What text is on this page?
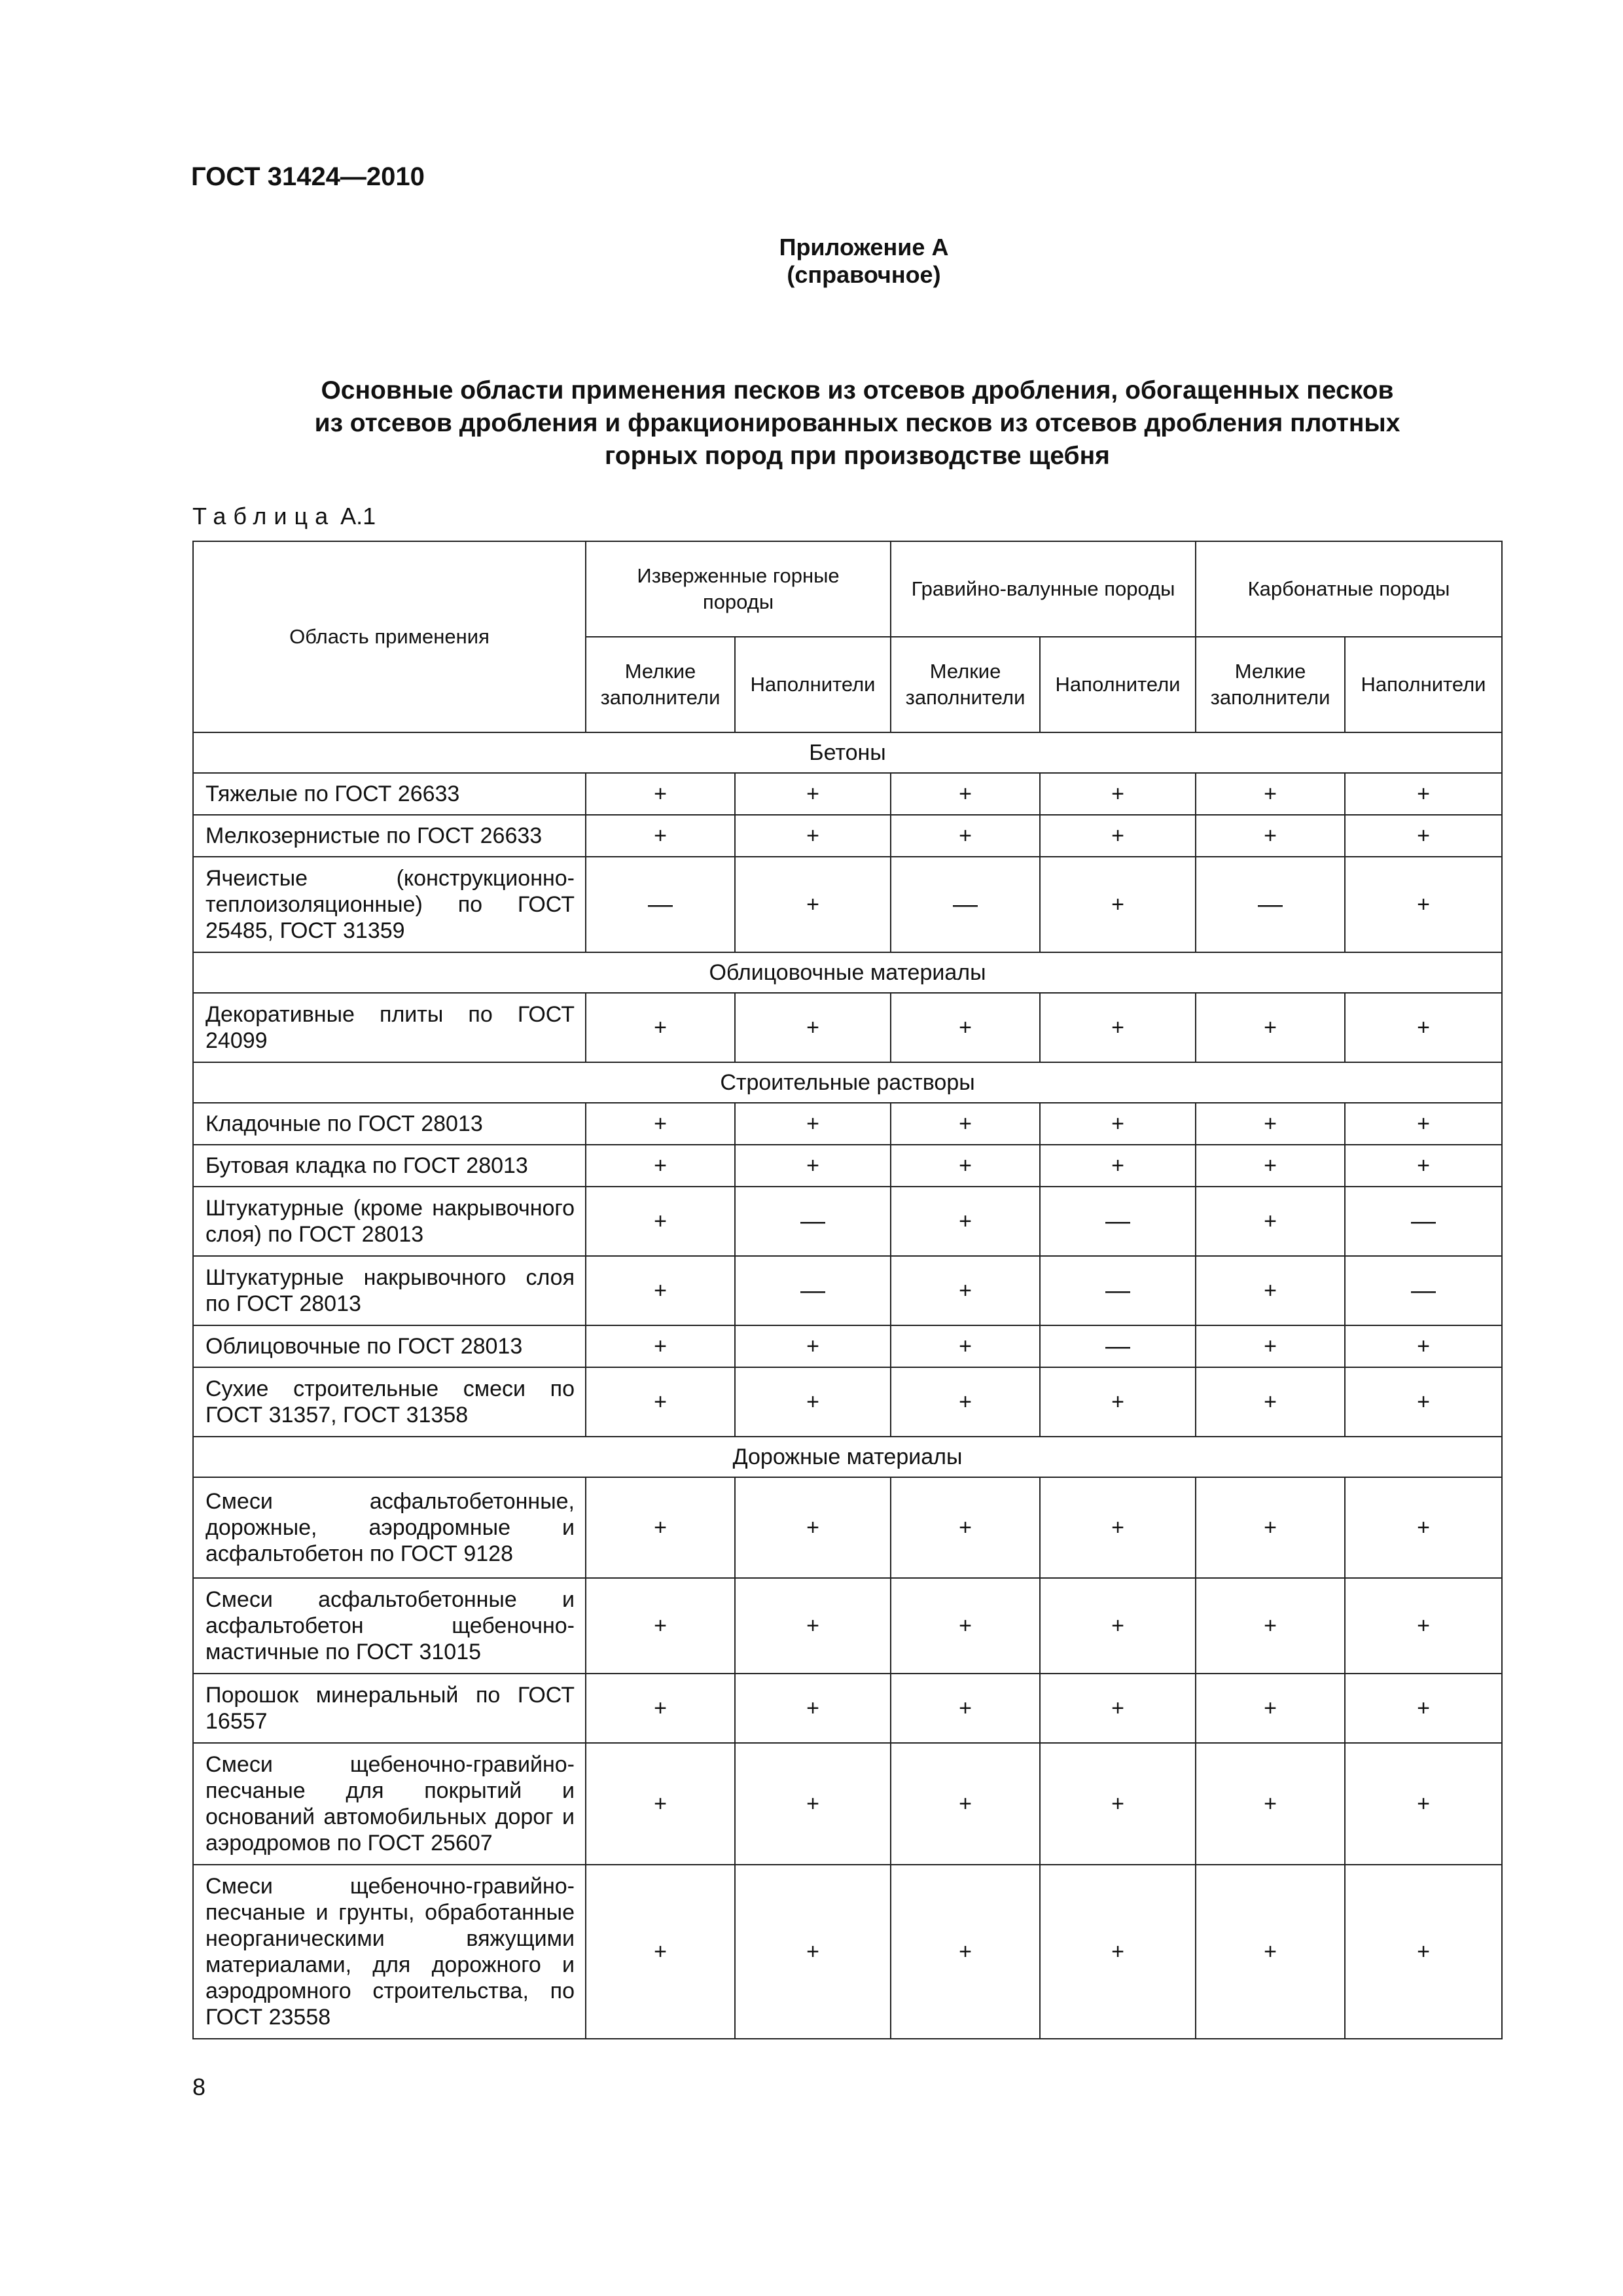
ГОСТ 31424—2010
Приложение А
(справочное)
Основные области применения песков из отсевов дробления, обогащенных песков
из отсевов дробления и фракционированных песков из отсевов дробления плотных
горных пород при производстве щебня
Таблица А.1
Область применения	Изверженные горные породы		Гравийно-валунные породы		Карбонатные породы	
	Мелкие заполнители	Наполнители	Мелкие заполнители	Наполнители	Мелкие заполнители	Наполнители
Бетоны						
Тяжелые по ГОСТ 26633	+	+	+	+	+	+
Мелкозернистые по ГОСТ 26633	+	+	+	+	+	+
Ячеистые (конструкционно- теплоизоляционные) по ГОСТ 25485, ГОСТ 31359	—	+	—	+	—	+
Облицовочные материалы						
Декоративные плиты по ГОСТ 24099	+	+	+	+	+	+
Строительные растворы						
Кладочные по ГОСТ 28013	+	+	+	+	+	+
Бутовая кладка по ГОСТ 28013	+	+	+	+	+	+
Штукатурные (кроме накрывочного слоя) по ГОСТ 28013	+	—	+	—	+	—
Штукатурные накрывочного слоя по ГОСТ 28013	+	—	+	—	+	—
Облицовочные по ГОСТ 28013	+	+	+	—	+	+
Сухие строительные смеси по ГОСТ 31357, ГОСТ 31358	+	+	+	+	+	+
Дорожные материалы						
Смеси асфальтобетонные, дорожные, аэродромные и асфальтобетон по ГОСТ 9128	+	+	+	+	+	+
Смеси асфальтобетонные и асфальтобетон щебеночно-мастичные по ГОСТ 31015	+	+	+	+	+	+
Порошок минеральный по ГОСТ 16557	+	+	+	+	+	+
Смеси щебеночно-гравийно-песчаные для покрытий и оснований автомобильных дорог и аэродромов по ГОСТ 25607	+	+	+	+	+	+
Смеси щебеночно-гравийно-песчаные и грунты, обработанные неорганическими вяжущими материалами, для дорожного и аэродромного строительства, по ГОСТ 23558	+	+	+	+	+	+
8
